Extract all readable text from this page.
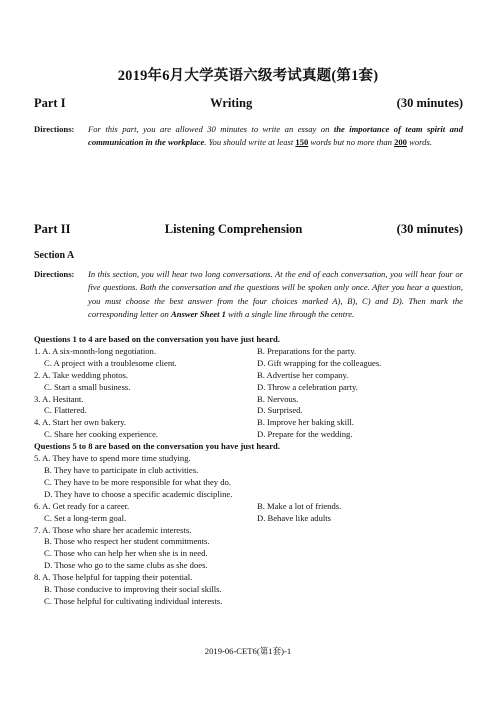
2019年6月大学英语六级考试真题(第1套)
Part I	Writing	(30 minutes)
Directions:	For this part, you are allowed 30 minutes to write an essay on the importance of team spirit and communication in the workplace. You should write at least 150 words but no more than 200 words.
Part II	Listening Comprehension	(30 minutes)
Section A
Directions:	In this section, you will hear two long conversations. At the end of each conversation, you will hear four or five questions. Both the conversation and the questions will be spoken only once. After you hear a question, you must choose the best answer from the four choices marked A), B), C) and D). Then mark the corresponding letter on Answer Sheet 1 with a single line through the centre.
Questions 1 to 4 are based on the conversation you have just heard.
1. A. A six-month-long negotiation.	B. Preparations for the party.
C. A project with a troublesome client.	D. Gift wrapping for the colleagues.
2. A. Take wedding photos.	B. Advertise her company.
C. Start a small business.	D. Throw a celebration party.
3. A. Hesitant.	B. Nervous.
C. Flattered.	D. Surprised.
4. A. Start her own bakery.	B. Improve her baking skill.
C. Share her cooking experience.	D. Prepare for the wedding.
Questions 5 to 8 are based on the conversation you have just heard.
5. A. They have to spend more time studying.
B. They have to participate in club activities.
C. They have to be more responsible for what they do.
D. They have to choose a specific academic discipline.
6. A. Get ready for a career.	B. Make a lot of friends.
C. Set a long-term goal.	D. Behave like adults
7. A. Those who share her academic interests.
B. Those who respect her student commitments.
C. Those who can help her when she is in need.
D. Those who go to the same clubs as she does.
8. A. Those helpful for tapping their potential.
B. Those conducive to improving their social skills.
C. Those helpful for cultivating individual interests.
2019-06-CET6(第1套)-1
